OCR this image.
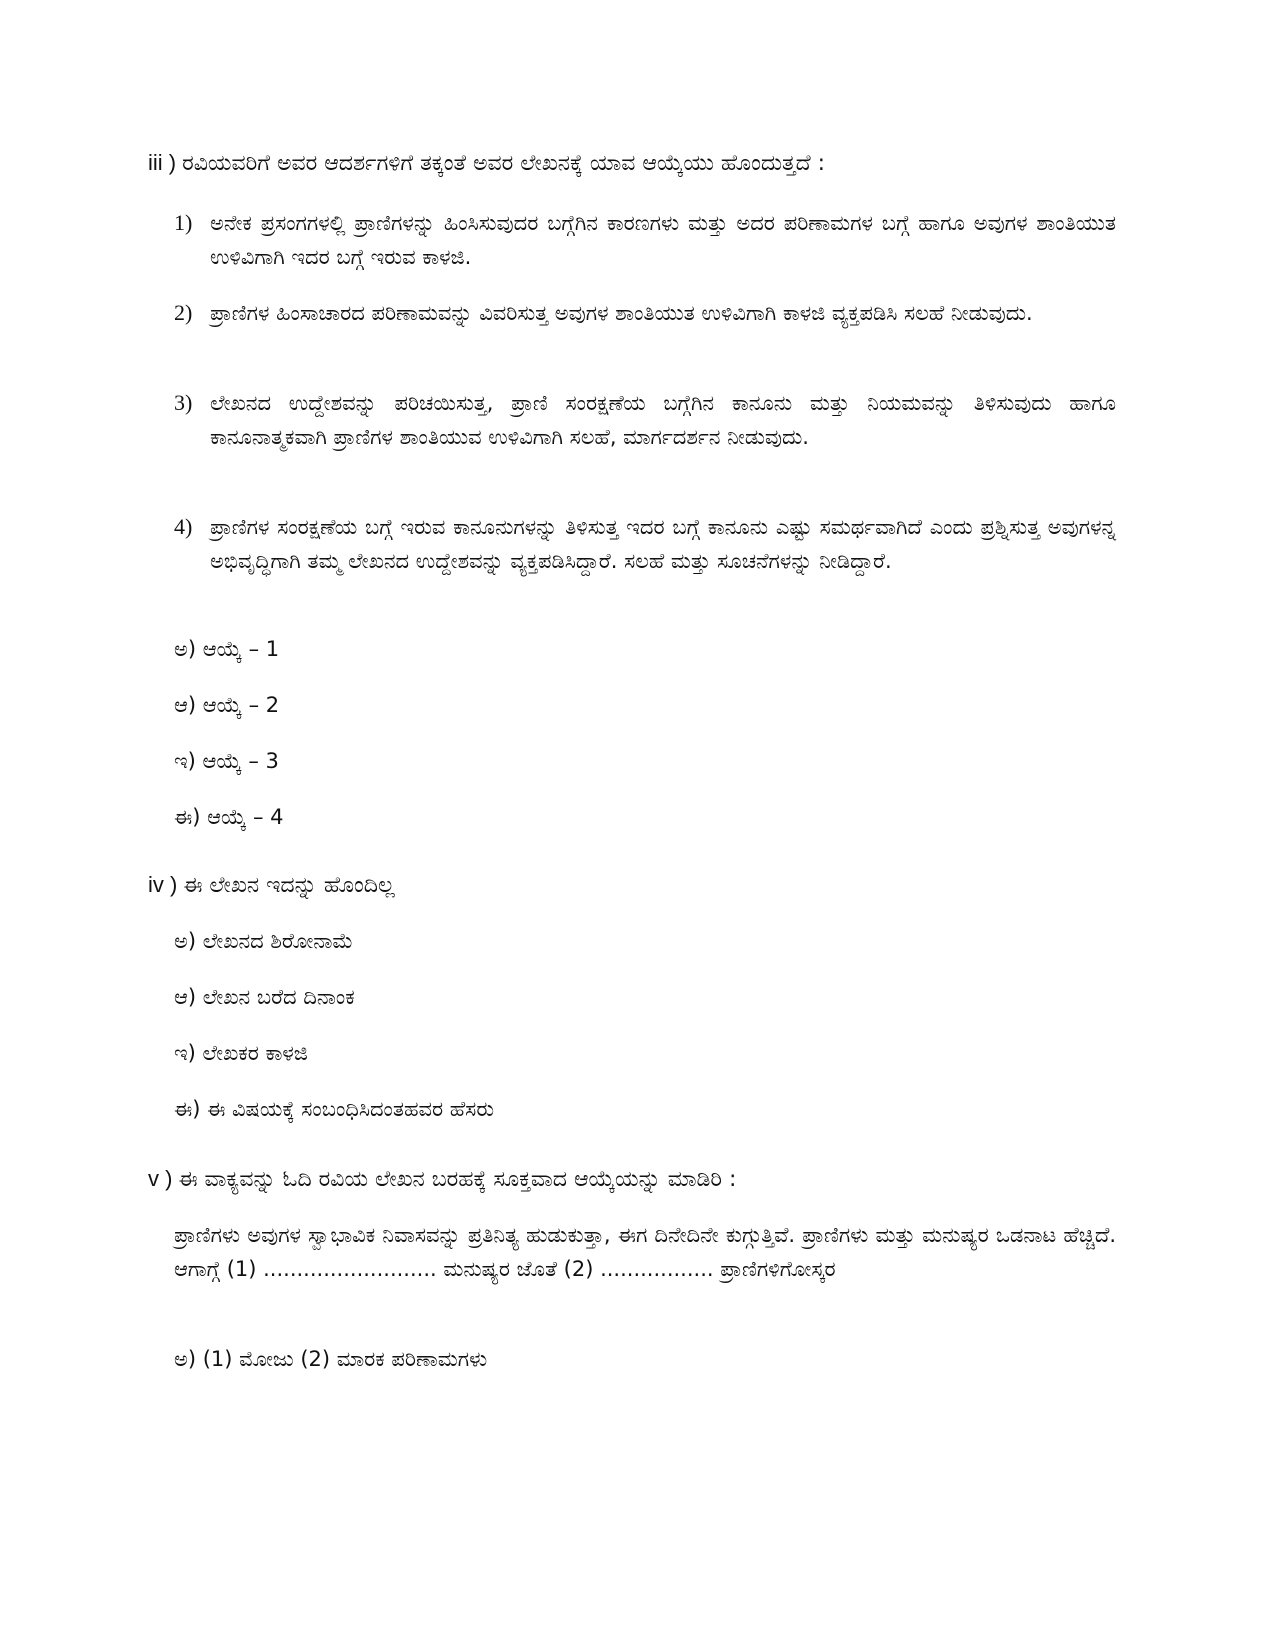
iii ) ರವಿಯವರಿಗೆ ಅವರ ಆದರ್ಶಗಳಿಗೆ ತಕ್ಕಂತೆ ಅವರ ಲೇಖನಕ್ಕೆ ಯಾವ ಆಯ್ಕೆಯು ಹೊಂದುತ್ತದೆ :
1) ಅನೇಕ ಪ್ರಸಂಗಗಳಲ್ಲಿ ಪ್ರಾಣಿಗಳನ್ನು ಹಿಂಸಿಸುವುದರ ಬಗ್ಗೆಗಿನ ಕಾರಣಗಳು ಮತ್ತು ಅದರ ಪರಿಣಾಮಗಳ ಬಗ್ಗೆ ಹಾಗೂ ಅವುಗಳ ಶಾಂತಿಯುತ ಉಳಿವಿಗಾಗಿ ಇದರ ಬಗ್ಗೆ ಇರುವ ಕಾಳಜಿ.
2) ಪ್ರಾಣಿಗಳ ಹಿಂಸಾಚಾರದ ಪರಿಣಾಮವನ್ನು ವಿವರಿಸುತ್ತ ಅವುಗಳ ಶಾಂತಿಯುತ ಉಳಿವಿಗಾಗಿ ಕಾಳಜಿ ವ್ಯಕ್ತಪಡಿಸಿ ಸಲಹೆ ನೀಡುವುದು.
3) ಲೇಖನದ ಉದ್ದೇಶವನ್ನು ಪರಿಚಯಿಸುತ್ತ, ಪ್ರಾಣಿ ಸಂರಕ್ಷಣೆಯ ಬಗ್ಗೆಗಿನ ಕಾನೂನು ಮತ್ತು ನಿಯಮವನ್ನು ತಿಳಿಸುವುದು ಹಾಗೂ ಕಾನೂನಾತ್ಮಕವಾಗಿ ಪ್ರಾಣಿಗಳ ಶಾಂತಿಯುವ ಉಳಿವಿಗಾಗಿ ಸಲಹೆ, ಮಾರ್ಗದರ್ಶನ ನೀಡುವುದು.
4) ಪ್ರಾಣಿಗಳ ಸಂರಕ್ಷಣೆಯ ಬಗ್ಗೆ ಇರುವ ಕಾನೂನುಗಳನ್ನು ತಿಳಿಸುತ್ತ ಇದರ ಬಗ್ಗೆ ಕಾನೂನು ಎಷ್ಟು ಸಮರ್ಥವಾಗಿದೆ ಎಂದು ಪ್ರಶ್ನಿಸುತ್ತ ಅವುಗಳನ್ನ ಅಭಿವೃದ್ಧಿಗಾಗಿ ತಮ್ಮ ಲೇಖನದ ಉದ್ದೇಶವನ್ನು ವ್ಯಕ್ತಪಡಿಸಿದ್ದಾರೆ. ಸಲಹೆ ಮತ್ತು ಸೂಚನೆಗಳನ್ನು ನೀಡಿದ್ದಾರೆ.
ಅ) ಆಯ್ಕೆ – 1
ಆ) ಆಯ್ಕೆ – 2
ಇ) ಆಯ್ಕೆ – 3
ಈ) ಆಯ್ಕೆ – 4
iv ) ಈ ಲೇಖನ ಇದನ್ನು ಹೊಂದಿಲ್ಲ
ಅ) ಲೇಖನದ ಶಿರೋನಾಮೆ
ಆ) ಲೇಖನ ಬರೆದ ದಿನಾಂಕ
ಇ) ಲೇಖಕರ ಕಾಳಜಿ
ಈ) ಈ ವಿಷಯಕ್ಕೆ ಸಂಬಂಧಿಸಿದಂತಹವರ ಹೆಸರು
v ) ಈ ವಾಕ್ಯವನ್ನು ಓದಿ ರವಿಯ ಲೇಖನ ಬರಹಕ್ಕೆ ಸೂಕ್ತವಾದ ಆಯ್ಕೆಯನ್ನು ಮಾಡಿರಿ :
ಪ್ರಾಣಿಗಳು ಅವುಗಳ ಸ್ವಾಭಾವಿಕ ನಿವಾಸವನ್ನು ಪ್ರತಿನಿತ್ಯ ಹುಡುಕುತ್ತಾ, ಈಗ ದಿನೇದಿನೇ ಕುಗ್ಗುತ್ತಿವೆ. ಪ್ರಾಣಿಗಳು ಮತ್ತು ಮನುಷ್ಯರ ಒಡನಾಟ ಹೆಚ್ಚಿದೆ. ಆಗಾಗ್ಗೆ (1) .......................... ಮನುಷ್ಯರ ಜೊತೆ (2) ................. ಪ್ರಾಣಿಗಳಿಗೋಸ್ಕರ
ಅ) (1) ಮೋಜು (2) ಮಾರಕ ಪರಿಣಾಮಗಳು
